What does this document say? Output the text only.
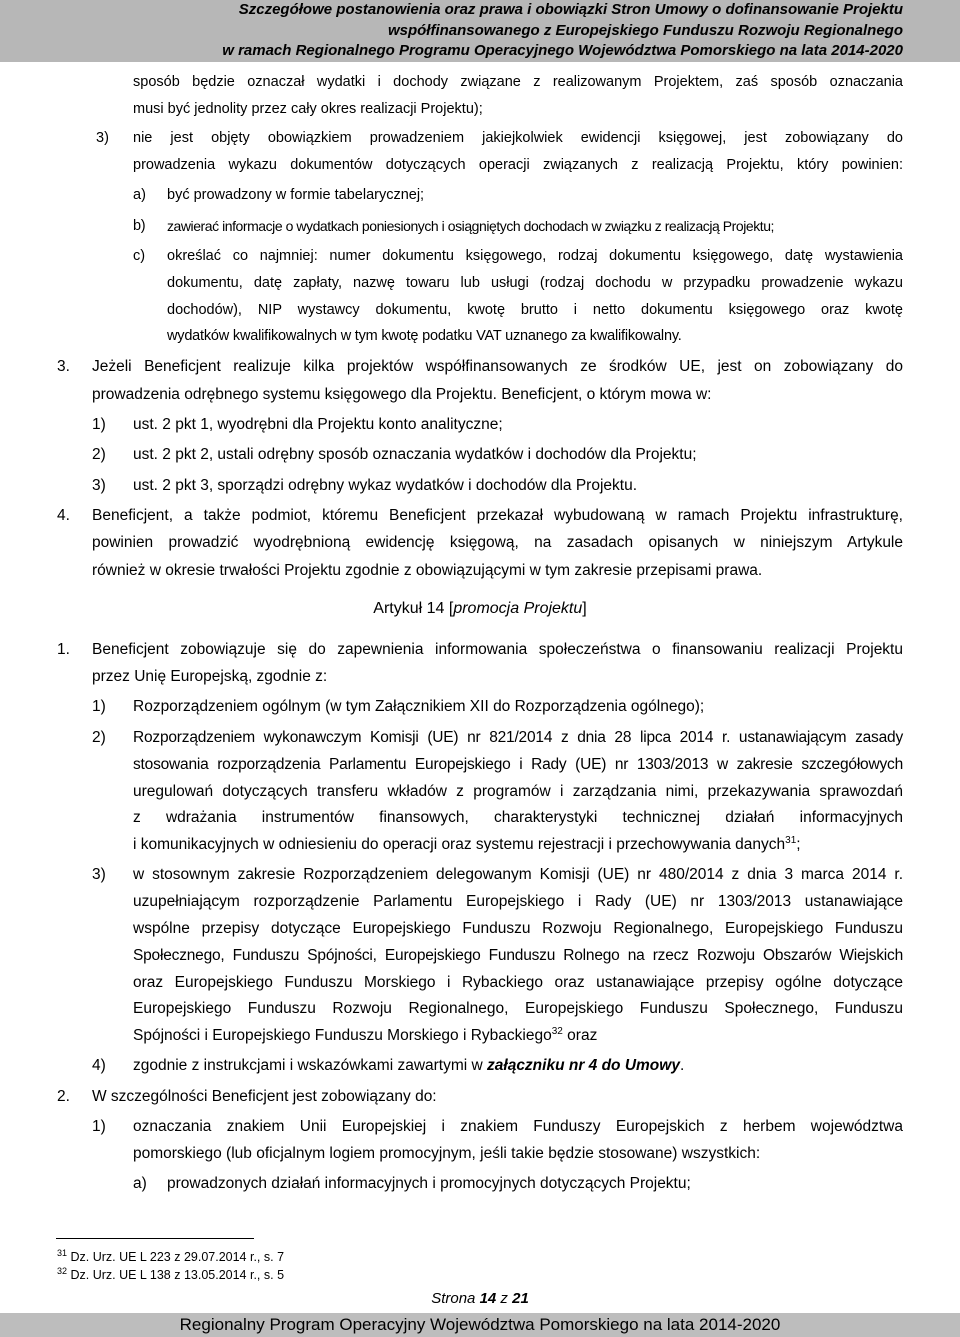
Szczegółowe postanowienia oraz prawa i obowiązki Stron Umowy o dofinansowanie Projektu
współfinansowanego z Europejskiego Funduszu Rozwoju Regionalnego
w ramach Regionalnego Programu Operacyjnego Województwa Pomorskiego na lata 2014-2020
sposób będzie oznaczał wydatki i dochody związane z realizowanym Projektem, zaś sposób oznaczania
musi być jednolity przez cały okres realizacji Projektu);
3) nie jest objęty obowiązkiem prowadzeniem jakiejkolwiek ewidencji księgowej, jest zobowiązany do
prowadzenia wykazu dokumentów dotyczących operacji związanych z realizacją Projektu, który powinien:
a) być prowadzony w formie tabelarycznej;
b) zawierać informacje o wydatkach poniesionych i osiągniętych dochodach w związku z realizacją Projektu;
c) określać co najmniej: numer dokumentu księgowego, rodzaj dokumentu księgowego, datę wystawienia
dokumentu, datę zapłaty, nazwę towaru lub usługi (rodzaj dochodu w przypadku prowadzenie wykazu
dochodów), NIP wystawcy dokumentu, kwotę brutto i netto dokumentu księgowego oraz kwotę
wydatków kwalifikowalnych w tym kwotę podatku VAT uznanego za kwalifikowalny.
3. Jeżeli Beneficjent realizuje kilka projektów współfinansowanych ze środków UE, jest on zobowiązany do
prowadzenia odrębnego systemu księgowego dla Projektu. Beneficjent, o którym mowa w:
1) ust. 2 pkt 1, wyodrębni dla Projektu konto analityczne;
2) ust. 2 pkt 2, ustali odrębny sposób oznaczania wydatków i dochodów dla Projektu;
3) ust. 2 pkt 3, sporządzi odrębny wykaz wydatków i dochodów dla Projektu.
4. Beneficjent, a także podmiot, któremu Beneficjent przekazał wybudowaną w ramach Projektu infrastrukturę,
powinien prowadzić wyodrębnioną ewidencję księgową, na zasadach opisanych w niniejszym Artykule
również w okresie trwałości Projektu zgodnie z obowiązującymi w tym zakresie przepisami prawa.
Artykuł 14 [promocja Projektu]
1. Beneficjent zobowiązuje się do zapewnienia informowania społeczeństwa o finansowaniu realizacji Projektu
przez Unię Europejską, zgodnie z:
1) Rozporządzeniem ogólnym (w tym Załącznikiem XII do Rozporządzenia ogólnego);
2) Rozporządzeniem wykonawczym Komisji (UE) nr 821/2014 z dnia 28 lipca 2014 r. ustanawiającym zasady
stosowania rozporządzenia Parlamentu Europejskiego i Rady (UE) nr 1303/2013 w zakresie szczegółowych
uregulowań dotyczących transferu wkładów z programów i zarządzania nimi, przekazywania sprawozdań
z wdrażania instrumentów finansowych, charakterystyki technicznej działań informacyjnych
i komunikacyjnych w odniesieniu do operacji oraz systemu rejestracji i przechowywania danych$^{31}$;
3) w stosownym zakresie Rozporządzeniem delegowanym Komisji (UE) nr 480/2014 z dnia 3 marca 2014 r.
uzupełniającym rozporządzenie Parlamentu Europejskiego i Rady (UE) nr 1303/2013 ustanawiające
wspólne przepisy dotyczące Europejskiego Funduszu Rozwoju Regionalnego, Europejskiego Funduszu
Społecznego, Funduszu Spójności, Europejskiego Funduszu Rolnego na rzecz Rozwoju Obszarów Wiejskich
oraz Europejskiego Funduszu Morskiego i Rybackiego oraz ustanawiające przepisy ogólne dotyczące
Europejskiego Funduszu Rozwoju Regionalnego, Europejskiego Funduszu Społecznego, Funduszu
Spójności i Europejskiego Funduszu Morskiego i Rybackiego$^{32}$ oraz
4) zgodnie z instrukcjami i wskazówkami zawartymi w załączniku nr 4 do Umowy.
2. W szczególności Beneficjent jest zobowiązany do:
1) oznaczania znakiem Unii Europejskiej i znakiem Funduszy Europejskich z herbem województwa
pomorskiego (lub oficjalnym logiem promocyjnym, jeśli takie będzie stosowane) wszystkich:
a) prowadzonych działań informacyjnych i promocyjnych dotyczących Projektu;
$^{31}$ Dz. Urz. UE L 223 z 29.07.2014 r., s. 7
$^{32}$ Dz. Urz. UE L 138 z 13.05.2014 r., s. 5
Strona 14 z 21
Regionalny Program Operacyjny Województwa Pomorskiego na lata 2014-2020
